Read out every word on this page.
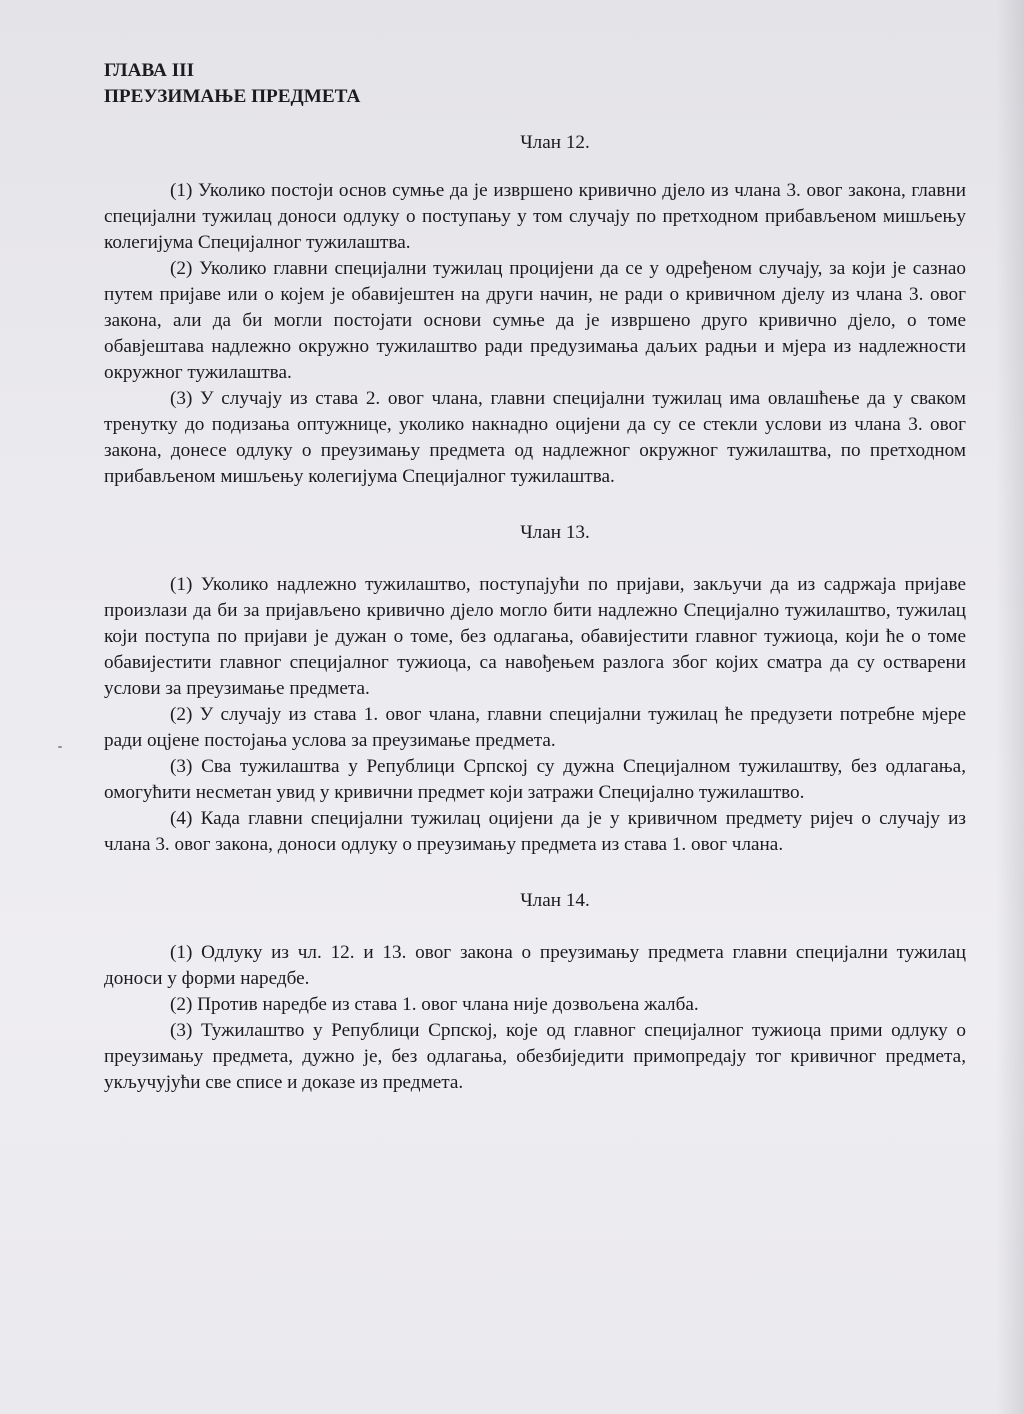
ГЛАВА III

ПРЕУЗИМАЊЕ ПРЕДМЕТА

Члан 12.

(1) Уколико постоји основ сумње да је извршено кривично дјело из члана 3. овог закона, главни специјални тужилац доноси одлуку о поступању у том случају по претходном прибављеном мишљењу колегијума Специјалног тужилаштва.

(2) Уколико главни специјални тужилац процијени да се у одређеном случају, за који је сазнао путем пријаве или о којем је обавијештен на други начин, не ради о кривичном дјелу из члана 3. овог закона, али да би могли постојати основи сумње да је извршено друго кривично дјело, о томе обавјештава надлежно окружно тужилаштво ради предузимања даљих радњи и мјера из надлежности окружног тужилаштва.

(3) У случају из става 2. овог члана, главни специјални тужилац има овлашћење да у сваком тренутку до подизања оптужнице, уколико накнадно оцијени да су се стекли услови из члана 3. овог закона, донесе одлуку о преузимању предмета од надлежног окружног тужилаштва, по претходном прибављеном мишљењу колегијума Специјалног тужилаштва.

Члан 13.

(1) Уколико надлежно тужилаштво, поступајући по пријави, закључи да из садржаја пријаве произлази да би за пријављено кривично дјело могло бити надлежно Специјално тужилаштво, тужилац који поступа по пријави је дужан о томе, без одлагања, обавијестити главног тужиоца, који ће о томе обавијестити главног специјалног тужиоца, са навођењем разлога због којих сматра да су остварени услови за преузимање предмета.

(2) У случају из става 1. овог члана, главни специјални тужилац ће предузети потребне мјере ради оцјене постојања услова за преузимање предмета.

(3) Сва тужилаштва у Републици Српској су дужна Специјалном тужилаштву, без одлагања, омогућити несметан увид у кривични предмет који затражи Специјално тужилаштво.

(4) Када главни специјални тужилац оцијени да је у кривичном предмету ријеч о случају из члана 3. овог закона, доноси одлуку о преузимању предмета из става 1. овог члана.

Члан 14.

(1) Одлуку из чл. 12. и 13. овог закона о преузимању предмета главни специјални тужилац доноси у форми наредбе.

(2) Против наредбе из става 1. овог члана није дозвољена жалба.

(3) Тужилаштво у Републици Српској, које од главног специјалног тужиоца прими одлуку о преузимању предмета, дужно је, без одлагања, обезбиједити примопредају тог кривичног предмета, укључујући све списе и доказе из предмета.
